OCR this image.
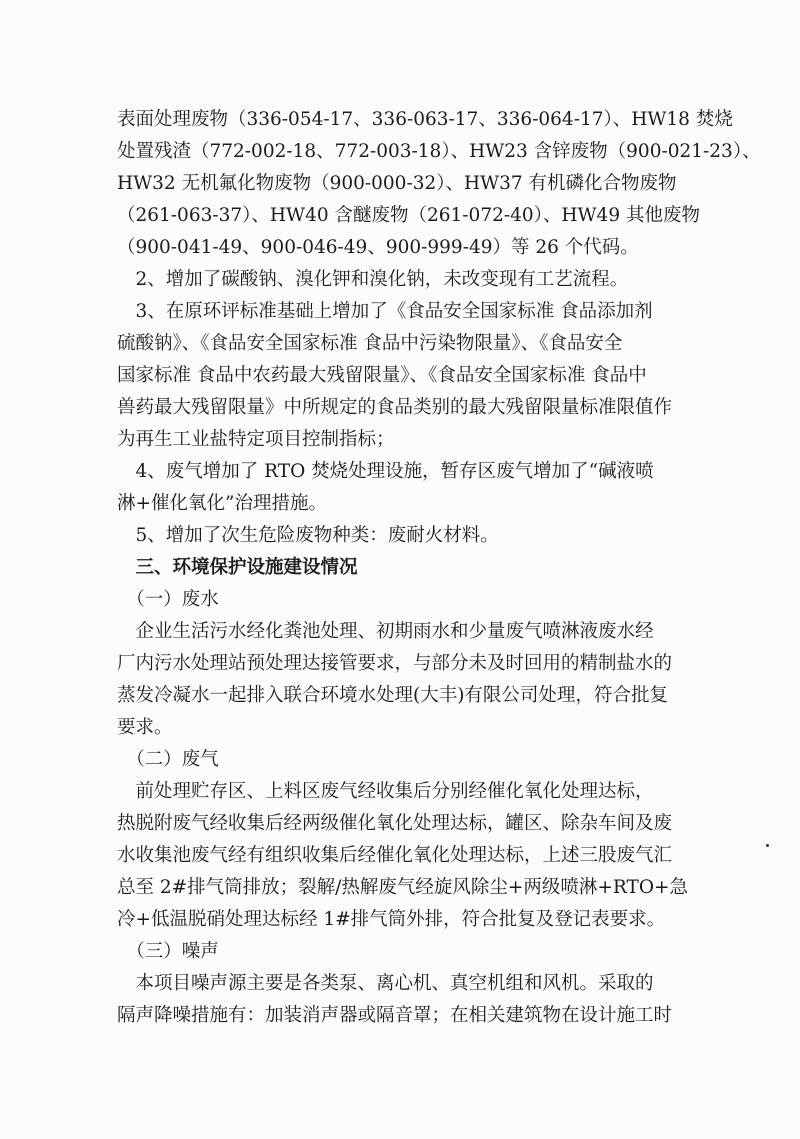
表面处理废物（336-054-17、336-063-17、336-064-17）、HW18 焚烧
处置残渣（772-002-18、772-003-18）、HW23 含锌废物（900-021-23）、
HW32 无机氟化物废物（900-000-32）、HW37 有机磷化合物废物
（261-063-37）、HW40 含醚废物（261-072-40）、HW49 其他废物
（900-041-49、900-046-49、900-999-49）等 26 个代码。
　2、增加了碳酸钠、溴化钾和溴化钠，未改变现有工艺流程。
　3、在原环评标准基础上增加了《食品安全国家标准 食品添加剂
硫酸钠》、《食品安全国家标准 食品中污染物限量》、《食品安全
国家标准 食品中农药最大残留限量》、《食品安全国家标准 食品中
兽药最大残留限量》中所规定的食品类别的最大残留限量标准限值作
为再生工业盐特定项目控制指标；
　4、废气增加了 RTO 焚烧处理设施，暂存区废气增加了“碱液喷
淋+催化氧化”治理措施。
　5、增加了次生危险废物种类：废耐火材料。
　三、环境保护设施建设情况
　（一）废水
　企业生活污水经化粪池处理、初期雨水和少量废气喷淋液废水经
厂内污水处理站预处理达接管要求，与部分未及时回用的精制盐水的
蒸发冷凝水一起排入联合环境水处理(大丰)有限公司处理，符合批复
要求。
　（二）废气
　前处理贮存区、上料区废气经收集后分别经催化氧化处理达标，
热脱附废气经收集后经两级催化氧化处理达标，罐区、除杂车间及废
水收集池废气经有组织收集后经催化氧化处理达标，上述三股废气汇
总至 2#排气筒排放；裂解/热解废气经旋风除尘+两级喷淋+RTO+急
冷+低温脱硝处理达标经 1#排气筒外排，符合批复及登记表要求。
　（三）噪声
　本项目噪声源主要是各类泵、离心机、真空机组和风机。采取的
隔声降噪措施有：加装消声器或隔音罩；在相关建筑物在设计施工时
